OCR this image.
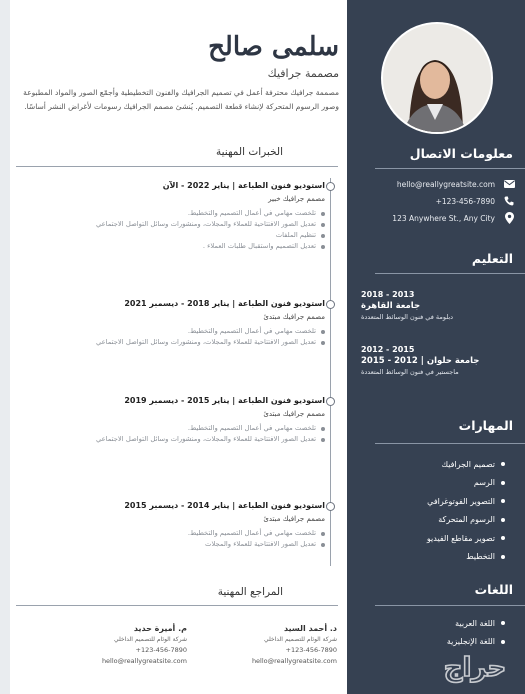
سلمى صالح
مصممة جرافيك
مصممة جرافيك محترفة أعمل في تصميم الجرافيك والفنون التخطيطية وأجمّع الصور والمواد المطبوعة وصور الرسوم المتحركة لإنشاء قطعة التصميم. يُنشئ مصمم الجرافيك رسومات لأغراض النشر أساسًا.
الخبرات المهنية
استوديو فنون الطباعة | يناير 2022 - الآن
مصمم جرافيك خبير
تلخصت مهامي في أعمال التصميم والتخطيط.
تعديل الصور الافتتاحية للعملاء والمجلات، ومنشورات وسائل التواصل الاجتماعي
تنظيم الملفات
تعديل التصميم واستقبال طلبات العملاء .
استوديو فنون الطباعة | يناير 2018 - ديسمبر 2021
مصمم جرافيك مبتدئ
تلخصت مهامي في أعمال التصميم والتخطيط.
تعديل الصور الافتتاحية للعملاء والمجلات، ومنشورات وسائل التواصل الاجتماعي
استوديو فنون الطباعة | يناير 2015 - ديسمبر 2019
مصمم جرافيك مبتدئ
تلخصت مهامي في أعمال التصميم والتخطيط.
تعديل الصور الافتتاحية للعملاء والمجلات، ومنشورات وسائل التواصل الاجتماعي
استوديو فنون الطباعة | يناير 2014 - ديسمبر 2015
مصمم جرافيك مبتدئ
تلخصت مهامي في أعمال التصميم والتخطيط.
تعديل الصور الافتتاحية للعملاء والمجلات
المراجع المهنية
د. أحمد السيد
شركة الوئام للتصميم الداخلي
+123-456-7890
hello@reallygreatsite.com
م. أميرة حديد
شركة الوئام للتصميم الداخلي
+123-456-7890
hello@reallygreatsite.com
معلومات الاتصال
hello@reallygreatsite.com
+123-456-7890
123 Anywhere St., Any City
التعليم
2013 - 2018
جامعة القاهرة
دبلومة في فنون الوسائط المتعددة
2015 - 2012
جامعة حلوان | 2012 - 2015
ماجستير في فنون الوسائط المتعددة
المهارات
تصميم الجرافيك
الرسم
التصوير الفوتوغرافي
الرسوم المتحركة
تصوير مقاطع الفيديو
التخطيط
اللغات
اللغة العربية
اللغة الإنجليزية
حراج
